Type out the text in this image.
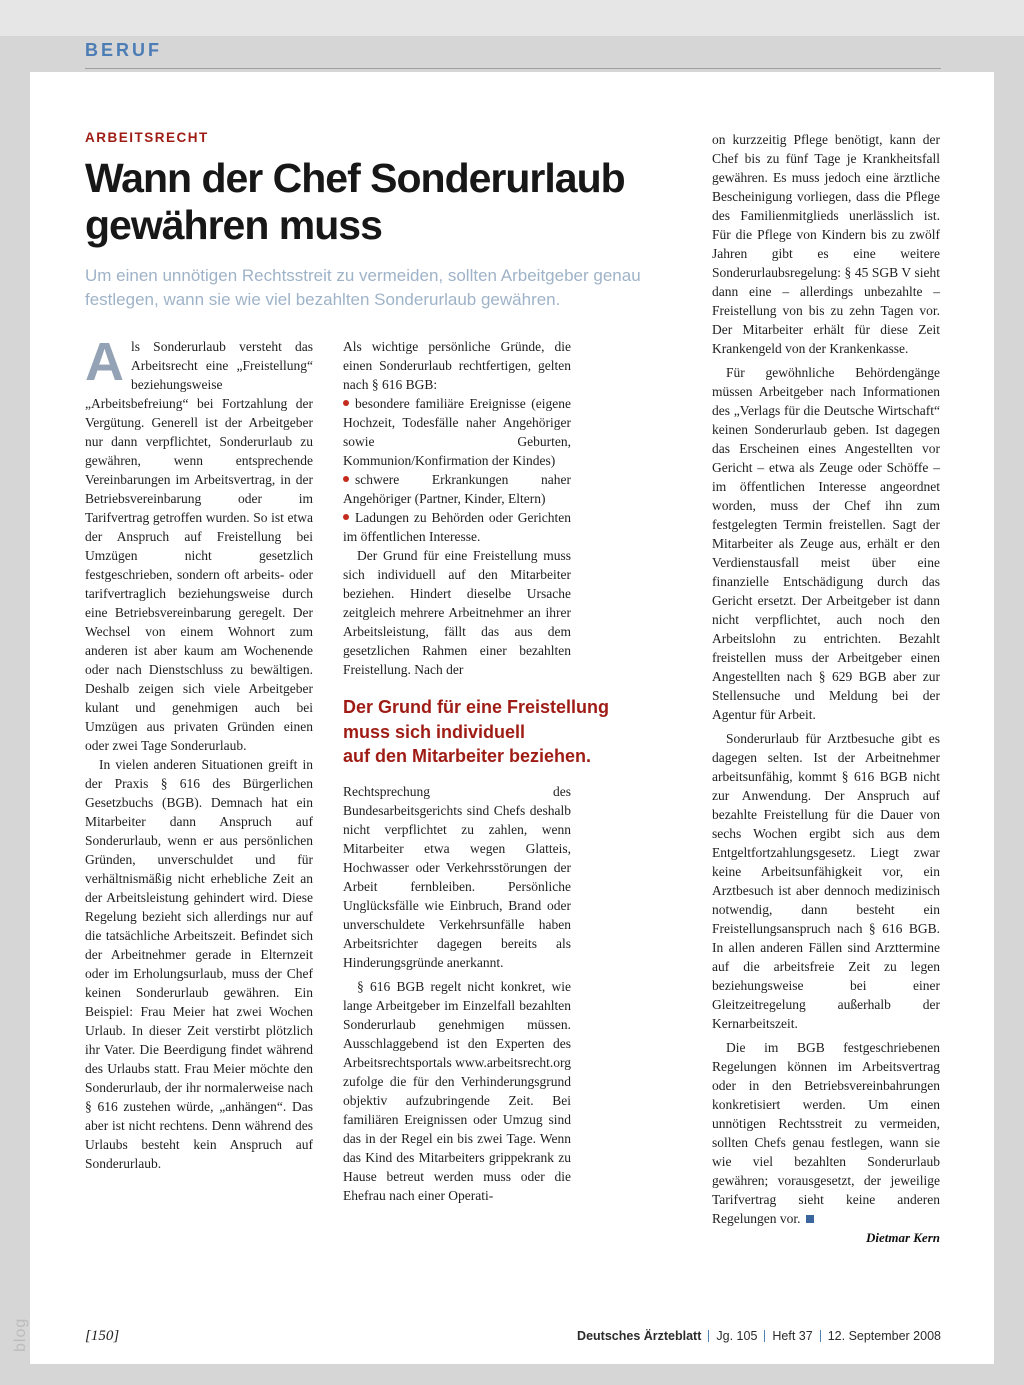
BERUF
ARBEITSRECHT
Wann der Chef Sonderurlaub gewähren muss

Um einen unnötigen Rechtsstreit zu vermeiden, sollten Arbeitgeber genau festlegen, wann sie wie viel bezahlten Sonderurlaub gewähren.

Als Sonderurlaub versteht das Arbeitsrecht eine „Freistellung“ beziehungsweise „Arbeitsbefreiung“ bei Fortzahlung der Vergütung. Generell ist der Arbeitgeber nur dann verpflichtet, Sonderurlaub zu gewähren, wenn entsprechende Vereinbarungen im Arbeitsvertrag, in der Betriebsvereinbarung oder im Tarifvertrag getroffen wurden. So ist etwa der Anspruch auf Freistellung bei Umzügen nicht gesetzlich festgeschrieben, sondern oft arbeits- oder tarifvertraglich beziehungsweise durch eine Betriebsvereinbarung geregelt. Der Wechsel von einem Wohnort zum anderen ist aber kaum am Wochenende oder nach Dienstschluss zu bewältigen. Deshalb zeigen sich viele Arbeitgeber kulant und genehmigen auch bei Umzügen aus privaten Gründen einen oder zwei Tage Sonderurlaub.

In vielen anderen Situationen greift in der Praxis § 616 des Bürgerlichen Gesetzbuchs (BGB). Demnach hat ein Mitarbeiter dann Anspruch auf Sonderurlaub, wenn er aus persönlichen Gründen, unverschuldet und für verhältnismäßig nicht erhebliche Zeit an der Arbeitsleistung gehindert wird. Diese Regelung bezieht sich allerdings nur auf die tatsächliche Arbeitszeit. Befindet sich der Arbeitnehmer gerade in Elternzeit oder im Erholungsurlaub, muss der Chef keinen Sonderurlaub gewähren. Ein Beispiel: Frau Meier hat zwei Wochen Urlaub. In dieser Zeit verstirbt plötzlich ihr Vater. Die Beerdigung findet während des Urlaubs statt. Frau Meier möchte den Sonderurlaub, der ihr normalerweise nach § 616 zustehen würde, „anhängen“. Das aber ist nicht rechtens. Denn während des Urlaubs besteht kein Anspruch auf Sonderurlaub.

Als wichtige persönliche Gründe, die einen Sonderurlaub rechtfertigen, gelten nach § 616 BGB:

besondere familiäre Ereignisse (eigene Hochzeit, Todesfälle naher Angehöriger sowie Geburten, Kommunion/Konfirmation der Kindes)

schwere Erkrankungen naher Angehöriger (Partner, Kinder, Eltern)

Ladungen zu Behörden oder Gerichten im öffentlichen Interesse.

Der Grund für eine Freistellung muss sich individuell auf den Mitarbeiter beziehen. Hindert dieselbe Ursache zeitgleich mehrere Arbeitnehmer an ihrer Arbeitsleistung, fällt das aus dem gesetzlichen Rahmen einer bezahlten Freistellung. Nach der

Der Grund für eine Freistellung
muss sich individuell
auf den Mitarbeiter beziehen.

Rechtsprechung des Bundesarbeitsgerichts sind Chefs deshalb nicht verpflichtet zu zahlen, wenn Mitarbeiter etwa wegen Glatteis, Hochwasser oder Verkehrsstörungen der Arbeit fernbleiben. Persönliche Unglücksfälle wie Einbruch, Brand oder unverschuldete Verkehrsunfälle haben Arbeitsrichter dagegen bereits als Hinderungsgründe anerkannt.

§ 616 BGB regelt nicht konkret, wie lange Arbeitgeber im Einzelfall bezahlten Sonderurlaub genehmigen müssen. Ausschlaggebend ist den Experten des Arbeitsrechtsportals www.arbeitsrecht.org zufolge die für den Verhinderungsgrund objektiv aufzubringende Zeit. Bei familiären Ereignissen oder Umzug sind das in der Regel ein bis zwei Tage. Wenn das Kind des Mitarbeiters grippekrank zu Hause betreut werden muss oder die Ehefrau nach einer Operati-

on kurzzeitig Pflege benötigt, kann der Chef bis zu fünf Tage je Krankheitsfall gewähren. Es muss jedoch eine ärztliche Bescheinigung vorliegen, dass die Pflege des Familienmitglieds unerlässlich ist. Für die Pflege von Kindern bis zu zwölf Jahren gibt es eine weitere Sonderurlaubsregelung: § 45 SGB V sieht dann eine – allerdings unbezahlte – Freistellung von bis zu zehn Tagen vor. Der Mitarbeiter erhält für diese Zeit Krankengeld von der Krankenkasse.

Für gewöhnliche Behördengänge müssen Arbeitgeber nach Informationen des „Verlags für die Deutsche Wirtschaft“ keinen Sonderurlaub geben. Ist dagegen das Erscheinen eines Angestellten vor Gericht – etwa als Zeuge oder Schöffe – im öffentlichen Interesse angeordnet worden, muss der Chef ihn zum festgelegten Termin freistellen. Sagt der Mitarbeiter als Zeuge aus, erhält er den Verdienstausfall meist über eine finanzielle Entschädigung durch das Gericht ersetzt. Der Arbeitgeber ist dann nicht verpflichtet, auch noch den Arbeitslohn zu entrichten. Bezahlt freistellen muss der Arbeitgeber einen Angestellten nach § 629 BGB aber zur Stellensuche und Meldung bei der Agentur für Arbeit.

Sonderurlaub für Arztbesuche gibt es dagegen selten. Ist der Arbeitnehmer arbeitsunfähig, kommt § 616 BGB nicht zur Anwendung. Der Anspruch auf bezahlte Freistellung für die Dauer von sechs Wochen ergibt sich aus dem Entgeltfortzahlungsgesetz. Liegt zwar keine Arbeitsunfähigkeit vor, ein Arztbesuch ist aber dennoch medizinisch notwendig, dann besteht ein Freistellungsanspruch nach § 616 BGB. In allen anderen Fällen sind Arzttermine auf die arbeitsfreie Zeit zu legen beziehungsweise bei einer Gleitzeitregelung außerhalb der Kernarbeitszeit.

Die im BGB festgeschriebenen Regelungen können im Arbeitsvertrag oder in den Betriebsvereinbahrungen konkretisiert werden. Um einen unnötigen Rechtsstreit zu vermeiden, sollten Chefs genau festlegen, wann sie wie viel bezahlten Sonderurlaub gewähren; vorausgesetzt, der jeweilige Tarifvertrag sieht keine anderen Regelungen vor.

Dietmar Kern

[150]	Deutsches Ärzteblatt Jg. 105 Heft 37 12. September 2008
blog
